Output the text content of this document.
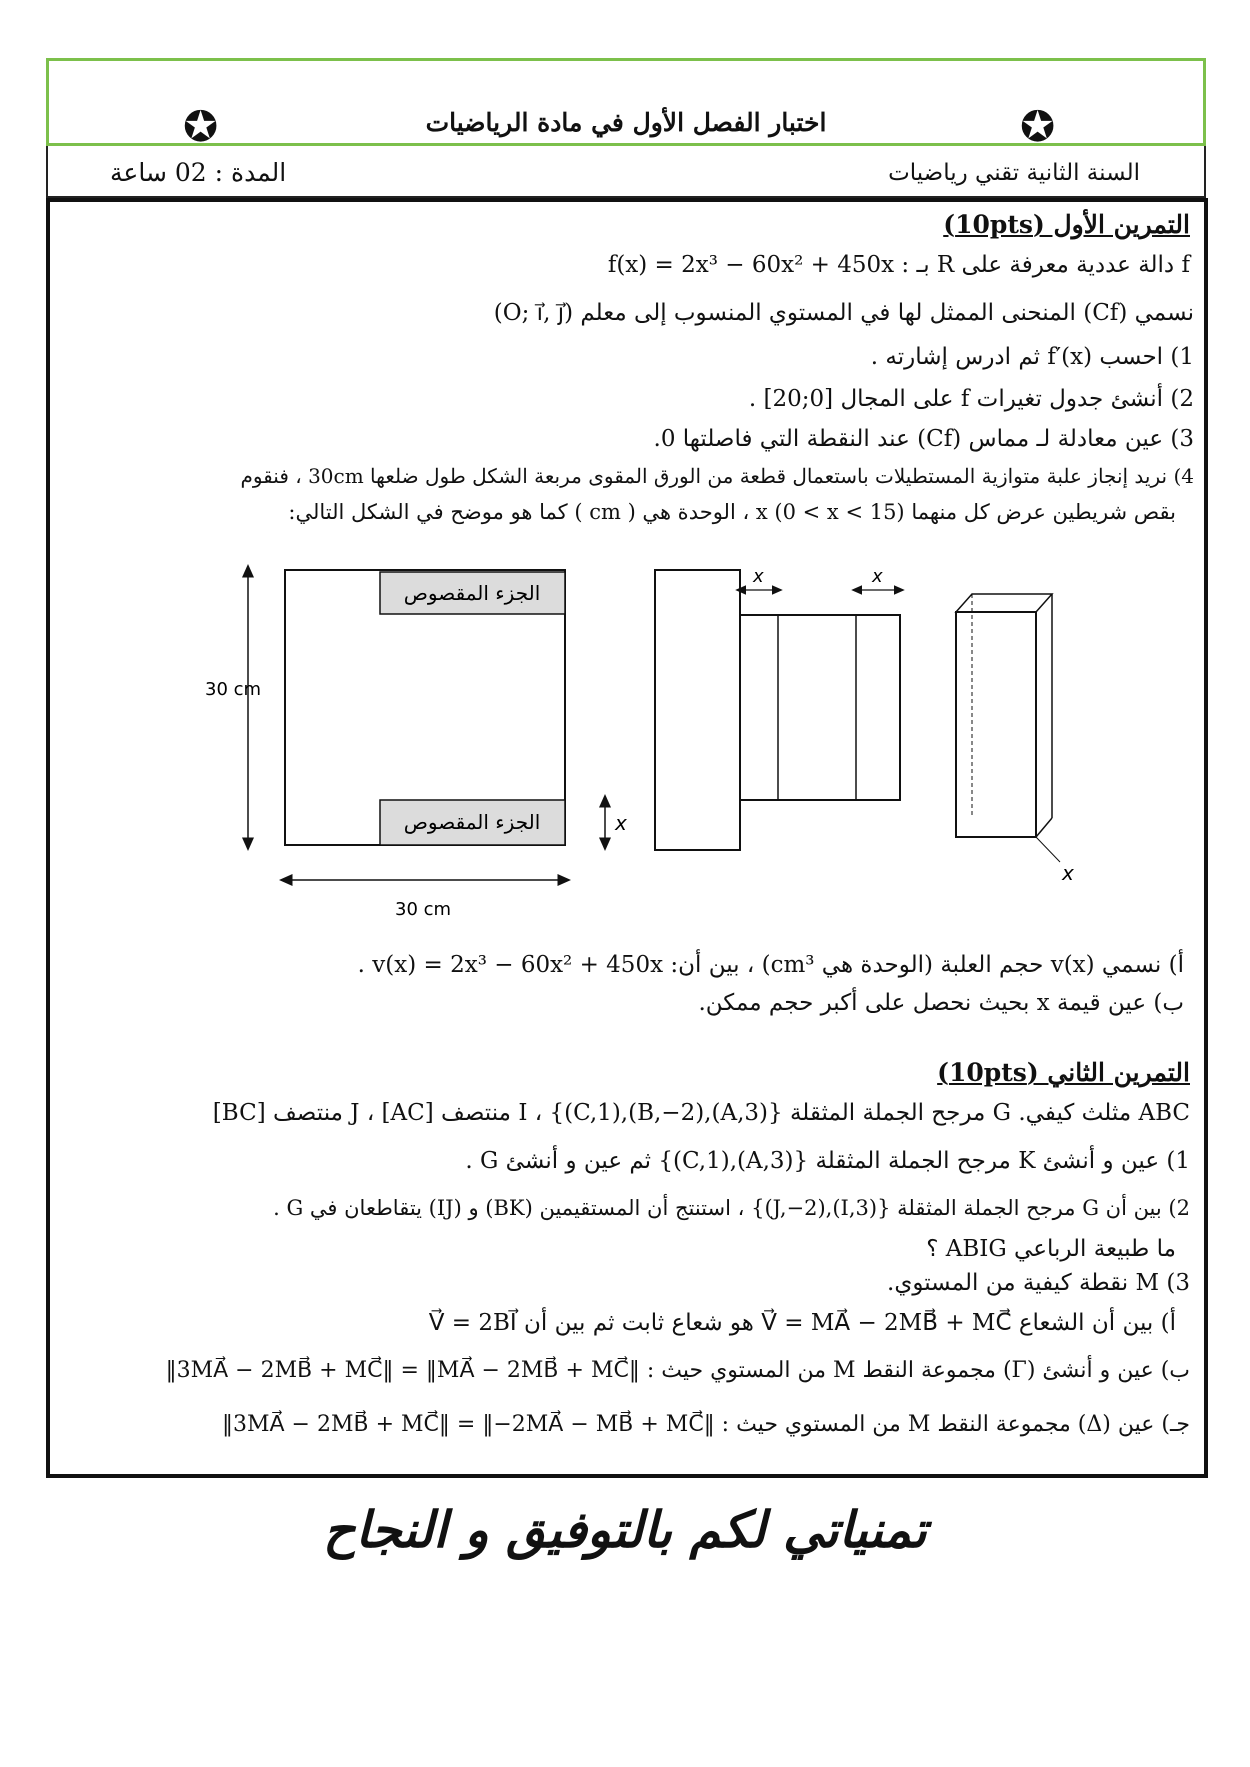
اختبار الفصل الأول في مادة الرياضيات
✪	✪
السنة الثانية تقني رياضيات
المدة : 02 ساعة
التمرين الأول (10pts)
f دالة عددية معرفة على R بـ : f(x) = 2x³ − 60x² + 450x
نسمي (Cf) المنحنى الممثل لها في المستوي المنسوب إلى معلم (O; i⃗, j⃗)
1) احسب f′(x) ثم ادرس إشارته .
2) أنشئ جدول تغيرات f على المجال [0;20] .
3) عين معادلة لـ مماس (Cf) عند النقطة التي فاصلتها 0.
4) نريد إنجاز علبة متوازية المستطيلات باستعمال قطعة من الورق المقوى مربعة الشكل طول ضلعها 30cm ، فنقوم
بقص شريطين عرض كل منهما x (0 < x < 15) ، الوحدة هي ( cm ) كما هو موضح في الشكل التالي:
الجزء المقصوص
الجزء المقصوص
30 cm
30 cm
x
x	x
x
أ) نسمي v(x) حجم العلبة (الوحدة هي cm³) ، بين أن: v(x) = 2x³ − 60x² + 450x .
ب) عين قيمة x بحيث نحصل على أكبر حجم ممكن.
التمرين الثاني (10pts)
ABC مثلث كيفي. G مرجح الجملة المثقلة {(A,3),(B,−2),(C,1)} ، I منتصف [AC] ، J منتصف [BC]
1) عين و أنشئ K مرجح الجملة المثقلة {(A,3),(C,1)} ثم عين و أنشئ G .
2) بين أن G مرجح الجملة المثقلة {(I,3),(J,−2)} ، استنتج أن المستقيمين (BK) و (IJ) يتقاطعان في G .
ما طبيعة الرباعي ABIG ؟
3) M نقطة كيفية من المستوي.
أ) بين أن الشعاع V⃗ = MA⃗ − 2MB⃗ + MC⃗ هو شعاع ثابت ثم بين أن V⃗ = 2BI⃗
ب) عين و أنشئ (Γ) مجموعة النقط M من المستوي حيث : ‖3MA⃗ − 2MB⃗ + MC⃗‖ = ‖MA⃗ − 2MB⃗ + MC⃗‖
جـ) عين (Δ) مجموعة النقط M من المستوي حيث : ‖3MA⃗ − 2MB⃗ + MC⃗‖ = ‖−2MA⃗ − MB⃗ + MC⃗‖
تمنياتي لكم بالتوفيق و النجاح
